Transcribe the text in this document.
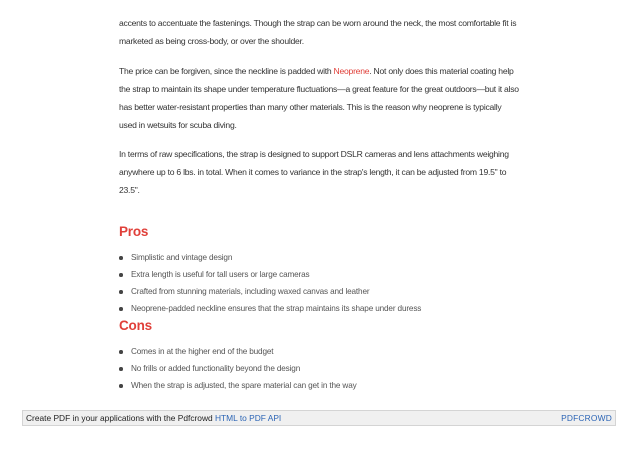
accents to accentuate the fastenings. Though the strap can be worn around the neck, the most comfortable fit is marketed as being cross-body, or over the shoulder.

The price can be forgiven, since the neckline is padded with Neoprene. Not only does this material coating help the strap to maintain its shape under temperature fluctuations—a great feature for the great outdoors—but it also has better water-resistant properties than many other materials. This is the reason why neoprene is typically used in wetsuits for scuba diving.

In terms of raw specifications, the strap is designed to support DSLR cameras and lens attachments weighing anywhere up to 6 lbs. in total. When it comes to variance in the strap's length, it can be adjusted from 19.5" to 23.5".

Pros
Simplistic and vintage design
Extra length is useful for tall users or large cameras
Crafted from stunning materials, including waxed canvas and leather
Neoprene-padded neckline ensures that the strap maintains its shape under duress
Cons
Comes in at the higher end of the budget
No frills or added functionality beyond the design
When the strap is adjusted, the spare material can get in the way
Create PDF in your applications with the Pdfcrowd HTML to PDF API	PDFCROWD
